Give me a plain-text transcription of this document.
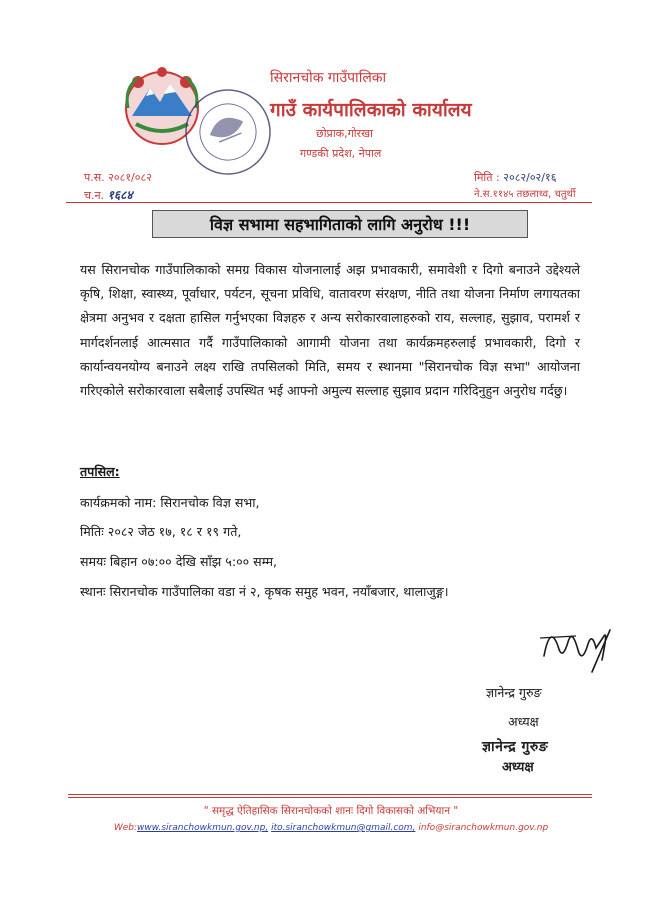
सिरानचोक गाउँपालिका
गाउँ कार्यपालिकाको कार्यालय
छोप्राक,गोरखा
गण्डकी प्रदेश, नेपाल
प.स. २०८१/०८२
च.न. १६८४
मिति : २०८२/०२/१६
ने.स.११४५ तछलाथ्व, चतुर्थी
विज्ञ सभामा सहभागिताको लागि अनुरोध !!!
यस सिरानचोक गाउँपालिकाको समग्र विकास योजनालाई अझ प्रभावकारी, समावेशी र दिगो बनाउने उद्देश्यले कृषि, शिक्षा, स्वास्थ्य, पूर्वाधार, पर्यटन, सूचना प्रविधि, वातावरण संरक्षण, नीति तथा योजना निर्माण लगायतका क्षेत्रमा अनुभव र दक्षता हासिल गर्नुभएका विज्ञहरु र अन्य सरोकारवालाहरुको राय, सल्लाह, सुझाव, परामर्श र मार्गदर्शनलाई आत्मसात गर्दै गाउँपालिकाको आगामी योजना तथा कार्यक्रमहरुलाई प्रभावकारी, दिगो र कार्यान्वयनयोग्य बनाउने लक्ष्य राखि तपसिलको मिति, समय र स्थानमा "सिरानचोक विज्ञ सभा" आयोजना गरिएकोले सरोकारवाला सबैलाई उपस्थित भई आफ्नो अमुल्य सल्लाह सुझाव प्रदान गरिदिनुहुन अनुरोध गर्दछु।
तपसिल:
कार्यक्रमको नाम: सिरानचोक विज्ञ सभा,
मितिः २०८२ जेठ १७, १८ र १९ गते,
समयः बिहान ०७:०० देखि साँझ ५:०० सम्म,
स्थानः सिरानचोक गाउँपालिका वडा नं २, कृषक समुह भवन, नयाँबजार, थालाजुङ्ग।
ज्ञानेन्द्र गुरुङ
अध्यक्ष
ज्ञानेन्द्र गुरुङ
अध्यक्ष
" समृद्ध ऐतिहासिक सिरानचोकको शानः दिगो विकासको अभियान "
Web:www.siranchowkmun.gov.np, ito.siranchowkmun@gmail.com, info@siranchowkmun.gov.np
